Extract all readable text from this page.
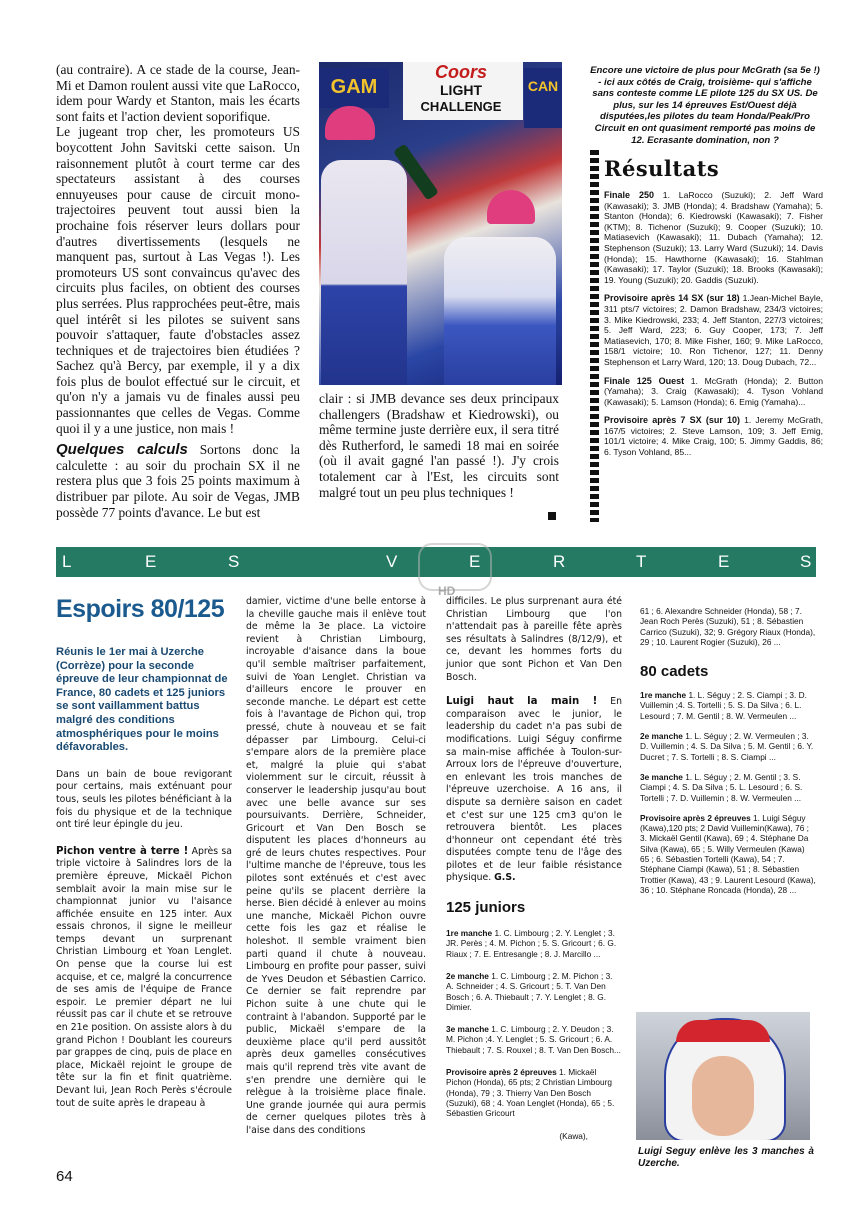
(au contraire). A ce stade de la course, Jean-Mi et Damon roulent aussi vite que LaRocco, idem pour Wardy et Stanton, mais les écarts sont faits et l'action devient soporifique.

Le jugeant trop cher, les promoteurs US boycottent John Savitski cette saison. Un raisonnement plutôt à court terme car des spectateurs assistant à des courses ennuyeuses pour cause de circuit mono-trajectoires peuvent tout aussi bien la prochaine fois réserver leurs dollars pour d'autres divertissements (lesquels ne manquent pas, surtout à Las Vegas !). Les promoteurs US sont convaincus qu'avec des circuits plus faciles, on obtient des courses plus serrées. Plus rapprochées peut-être, mais quel intérêt si les pilotes se suivent sans pouvoir s'attaquer, faute d'obstacles assez techniques et de trajectoires bien étudiées ? Sachez qu'à Bercy, par exemple, il y a dix fois plus de boulot effectué sur le circuit, et qu'on n'y a jamais vu de finales aussi peu passionnantes que celles de Vegas. Comme quoi il y a une justice, non mais !

Quelques calculs Sortons donc la calculette : au soir du prochain SX il ne restera plus que 3 fois 25 points maximum à distribuer par pilote. Au soir de Vegas, JMB possède 77 points d'avance. Le but est

Coors
LIGHT
CHALLENGE
GAM	CAN
clair : si JMB devance ses deux principaux challengers (Bradshaw et Kiedrowski), ou même termine juste derrière eux, il sera titré dès Rutherford, le samedi 18 mai en soirée (où il avait gagné l'an passé !). J'y crois totalement car à l'Est, les circuits sont malgré tout un peu plus techniques !
Encore une victoire de plus pour McGrath (sa 5e !) - ici aux côtés de Craig, troisième- qui s'affiche sans conteste comme LE pilote 125 du SX US. De plus, sur les 14 épreuves Est/Ouest déjà disputées,les pilotes du team Honda/Peak/Pro Circuit en ont quasiment remporté pas moins de 12. Ecrasante domination, non ?
Résultats

Finale 250 1. LaRocco (Suzuki); 2. Jeff Ward (Kawasaki); 3. JMB (Honda); 4. Bradshaw (Yamaha); 5. Stanton (Honda); 6. Kiedrowski (Kawasaki); 7. Fisher (KTM); 8. Tichenor (Suzuki); 9. Cooper (Suzuki); 10. Matiasevich (Kawasaki); 11. Dubach (Yamaha); 12. Stephenson (Suzuki); 13. Larry Ward (Suzuki); 14. Davis (Honda); 15. Hawthorne (Kawasaki); 16. Stahlman (Kawasaki); 17. Taylor (Suzuki); 18. Brooks (Kawasaki); 19. Young (Suzuki); 20. Gaddis (Suzuki).

Provisoire après 14 SX (sur 18) 1.Jean-Michel Bayle, 311 pts/7 victoires; 2. Damon Bradshaw, 234/3 victoires; 3. Mike Kiedrowski, 233; 4. Jeff Stanton, 227/3 victoires; 5. Jeff Ward, 223; 6. Guy Cooper, 173; 7. Jeff Matiasevich, 170; 8. Mike Fisher, 160; 9. Mike LaRocco, 158/1 victoire; 10. Ron Tichenor, 127; 11. Denny Stephenson et Larry Ward, 120; 13. Doug Dubach, 72...

Finale 125 Ouest 1. McGrath (Honda); 2. Button (Yamaha); 3. Craig (Kawasaki); 4. Tyson Vohland (Kawasaki); 5. Lamson (Honda); 6. Emig (Yamaha)...

Provisoire après 7 SX (sur 10) 1. Jeremy McGrath, 167/5 victoires; 2. Steve Lamson, 109; 3. Jeff Emig, 101/1 victoire; 4. Mike Craig, 100; 5. Jimmy Gaddis, 86; 6. Tyson Vohland, 85...

L	E	S	V	E	R	T	E	S
HD
Espoirs 80/125

Réunis le 1er mai à Uzerche (Corrèze) pour la seconde épreuve de leur championnat de France, 80 cadets et 125 juniors se sont vaillamment battus malgré des conditions atmosphériques pour le moins défavorables.

Dans un bain de boue revigorant pour certains, mais exténuant pour tous, seuls les pilotes bénéficiant à la fois du physique et de la technique ont tiré leur épingle du jeu.

Pichon ventre à terre ! Après sa triple victoire à Salindres lors de la première épreuve, Mickaël Pichon semblait avoir la main mise sur le championnat junior vu l'aisance affichée ensuite en 125 inter. Aux essais chronos, il signe le meilleur temps devant un surprenant Christian Limbourg et Yoan Lenglet. On pense que la course lui est acquise, et ce, malgré la concurrence de ses amis de l'équipe de France espoir. Le premier départ ne lui réussit pas car il chute et se retrouve en 21e position. On assiste alors à du grand Pichon ! Doublant les coureurs par grappes de cinq, puis de place en place, Mickaël rejoint le groupe de tête sur la fin et finit quatrième. Devant lui, Jean Roch Perès s'écroule tout de suite après le drapeau à

damier, victime d'une belle entorse à la cheville gauche mais il enlève tout de même la 3e place. La victoire revient à Christian Limbourg, incroyable d'aisance dans la boue qu'il semble maîtriser parfaitement, suivi de Yoan Lenglet. Christian va d'ailleurs encore le prouver en seconde manche. Le départ est cette fois à l'avantage de Pichon qui, trop pressé, chute à nouveau et se fait dépasser par Limbourg. Celui-ci s'empare alors de la première place et, malgré la pluie qui s'abat violemment sur le circuit, réussit à conserver le leadership jusqu'au bout avec une belle avance sur ses poursuivants. Derrière, Schneider, Gricourt et Van Den Bosch se disputent les places d'honneurs au gré de leurs chutes respectives. Pour l'ultime manche de l'épreuve, tous les pilotes sont exténués et c'est avec peine qu'ils se placent derrière la herse. Bien décidé à enlever au moins une manche, Mickaël Pichon ouvre cette fois les gaz et réalise le holeshot. Il semble vraiment bien parti quand il chute à nouveau. Limbourg en profite pour passer, suivi de Yves Deudon et Sébastien Carrico. Ce dernier se fait reprendre par Pichon suite à une chute qui le contraint à l'abandon. Supporté par le public, Mickaël s'empare de la deuxième place qu'il perd aussitôt après deux gamelles consécutives mais qu'il reprend très vite avant de s'en prendre une dernière qui le relègue à la troisième place finale. Une grande journée qui aura permis de cerner quelques pilotes très à l'aise dans des conditions

difficiles. Le plus surprenant aura été Christian Limbourg que l'on n'attendait pas à pareille fête après ses résultats à Salindres (8/12/9), et ce, devant les hommes forts du junior que sont Pichon et Van Den Bosch.

Luigi haut la main ! En comparaison avec le junior, le leadership du cadet n'a pas subi de modifications. Luigi Séguy confirme sa main-mise affichée à Toulon-sur-Arroux lors de l'épreuve d'ouverture, en enlevant les trois manches de l'épreuve uzerchoise. A 16 ans, il dispute sa dernière saison en cadet et c'est sur une 125 cm3 qu'on le retrouvera bientôt. Les places d'honneur ont cependant été très disputées compte tenu de l'âge des pilotes et de leur faible résistance physique. G.S.

125 juniors

1re manche 1. C. Limbourg ; 2. Y. Lenglet ; 3. JR. Perès ; 4. M. Pichon ; 5. S. Gricourt ; 6. G. Riaux ; 7. E. Entresangle ; 8. J. Marcillo ...

2e manche 1. C. Limbourg ; 2. M. Pichon ; 3. A. Schneider ; 4. S. Gricourt ; 5. T. Van Den Bosch ; 6. A. Thiebault ; 7. Y. Lenglet ; 8. G. Dimier.

3e manche 1. C. Limbourg ; 2. Y. Deudon ; 3. M. Pichon ;4. Y. Lenglet ; 5. S. Gricourt ; 6. A. Thiebault ; 7. S. Rouxel ; 8. T. Van Den Bosch...

Provisoire après 2 épreuves 1. Mickaël Pichon (Honda), 65 pts; 2 Christian Limbourg (Honda), 79 ; 3. Thierry Van Den Bosch (Suzuki), 68 ; 4. Yoan Lenglet (Honda), 65 ; 5. Sébastien Gricourt

(Kawa),

61 ; 6. Alexandre Schneider (Honda), 58 ; 7. Jean Roch Perès (Suzuki), 51 ; 8. Sébastien Carrico (Suzuki), 32; 9. Grégory Riaux (Honda), 29 ; 10. Laurent Rogier (Suzuki), 26 ...

80 cadets

1re manche 1. L. Séguy ; 2. S. Ciampi ; 3. D. Vuillemin ;4. S. Tortelli ; 5. S. Da Silva ; 6. L. Lesourd ; 7. M. Gentil ; 8. W. Vermeulen ...

2e manche 1. L. Séguy ; 2. W. Vermeulen ; 3. D. Vuillemin ; 4. S. Da Silva ; 5. M. Gentil ; 6. Y. Ducret ; 7. S. Tortelli ; 8. S. Ciampi ...

3e manche 1. L. Séguy ; 2. M. Gentil ; 3. S. Ciampi ; 4. S. Da Silva ; 5. L. Lesourd ; 6. S. Tortelli ; 7. D. Vuillemin ; 8. W. Vermeulen ...

Provisoire après 2 épreuves 1. Luigi Séguy (Kawa),120 pts; 2 David Vuillemin(Kawa), 76 ; 3. Mickaël Gentil (Kawa), 69 ; 4. Stéphane Da Silva (Kawa), 65 ; 5. Willy Vermeulen (Kawa) 65 ; 6. Sébastien Tortelli (Kawa), 54 ; 7. Stéphane Ciampi (Kawa), 51 ; 8. Sébastien Trottier (Kawa), 43 ; 9. Laurent Lesourd (Kawa), 36 ; 10. Stéphane Roncada (Honda), 28 ...

Luigi Seguy enlève les 3 manches à Uzerche.
64
